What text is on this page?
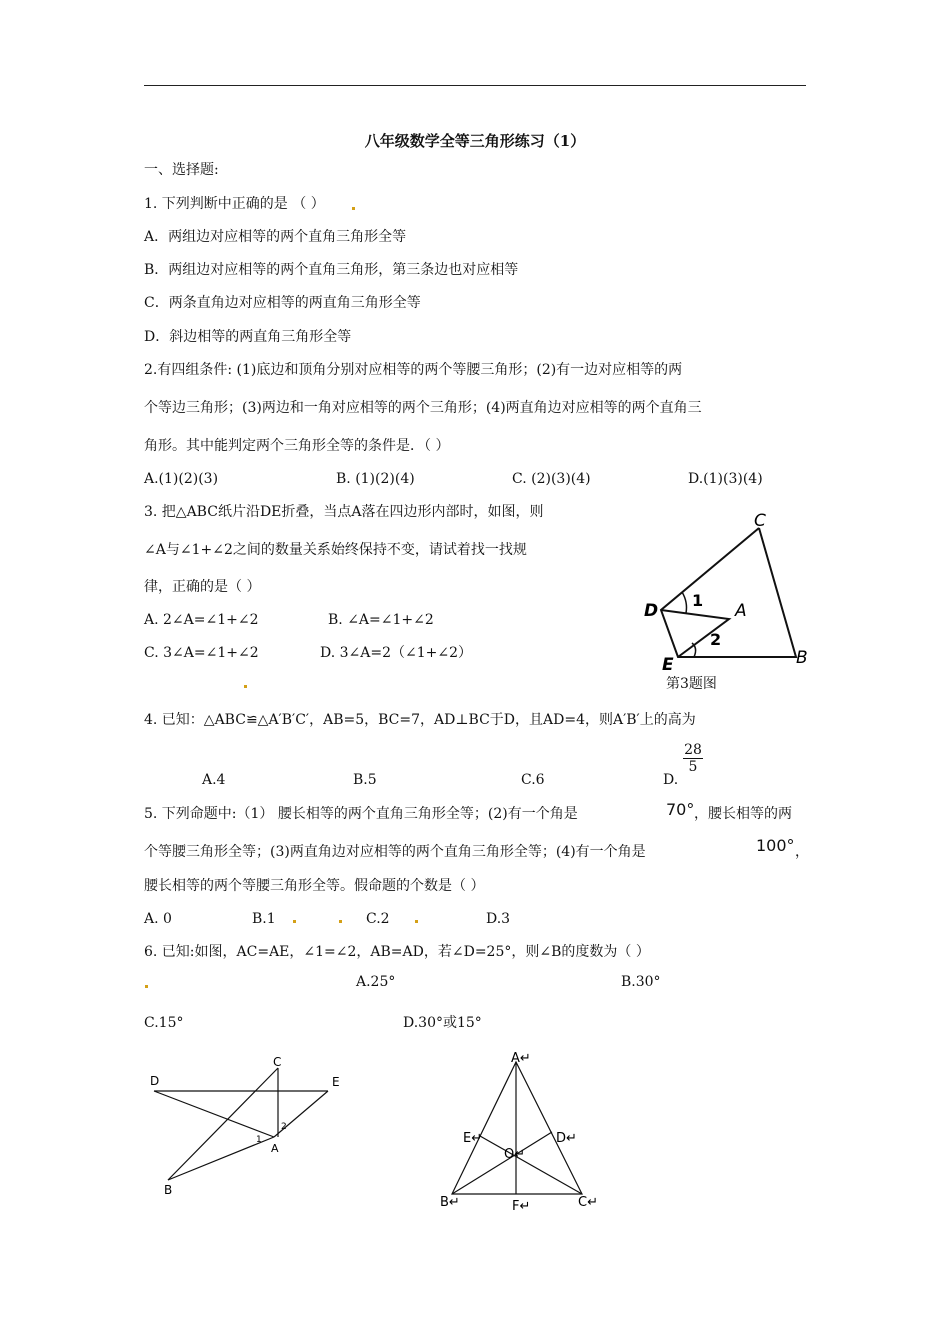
八年级数学全等三角形练习（1）
一、选择题:
1. 下列判断中正确的是 （ ）
A．两组边对应相等的两个直角三角形全等
B．两组边对应相等的两个直角三角形，第三条边也对应相等
C．两条直角边对应相等的两直角三角形全等
D．斜边相等的两直角三角形全等
2.有四组条件: (1)底边和顶角分别对应相等的两个等腰三角形；(2)有一边对应相等的两
个等边三角形；(3)两边和一角对应相等的两个三角形；(4)两直角边对应相等的两个直角三
角形。其中能判定两个三角形全等的条件是．（ ）
A.(1)(2)(3)	B. (1)(2)(4)	C. (2)(3)(4)	D.(1)(3)(4)
3. 把△ABC纸片沿DE折叠，当点A落在四边形内部时，如图，则
∠A与∠1+∠2之间的数量关系始终保持不变，请试着找一找规
律，正确的是（ ）
A. 2∠A=∠1+∠2	B. ∠A=∠1+∠2
C. 3∠A=∠1+∠2	D. 3∠A=2（∠1+∠2）
C
D
1
A
2
E	B
第3题图
4. 已知：△ABC≌△A′B′C′，AB=5，BC=7，AD⊥BC于D，且AD=4，则A′B′上的高为
A.4	B.5	C.6	D.
$\frac{28}{5}$
5. 下列命题中:（1） 腰长相等的两个直角三角形全等；(2)有一个角是	70° ，腰长相等的两
个等腰三角形全等；(3)两直角边对应相等的两个直角三角形全等；(4)有一个角是	100° ，
腰长相等的两个等腰三角形全等。假命题的个数是（ ）
A. 0	B.1	C.2	D.3
6. 已知:如图，AC=AE，∠1=∠2，AB=AD，若∠D=25°，则∠B的度数为（ ）
A.25°	B.30°
C.15°	D.30°或15°
C
D	E
1
2
A
B
A↵
E↵	D↵
O↵
B↵	F↵	C↵
